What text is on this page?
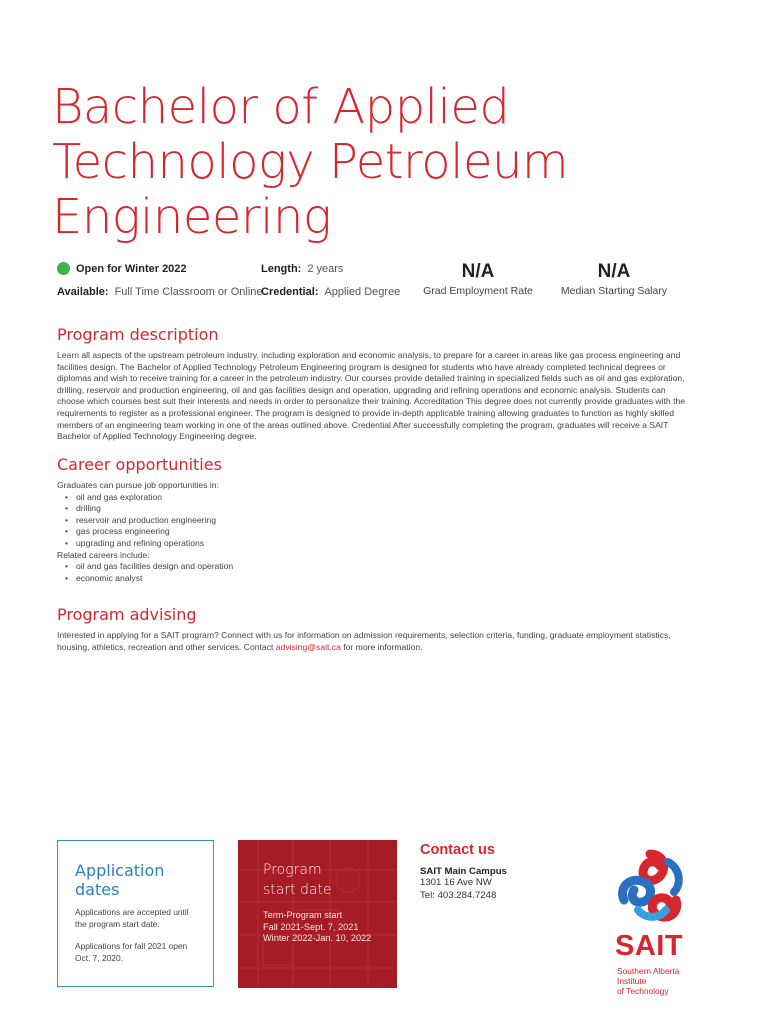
Bachelor of Applied
Technology Petroleum
Engineering
Open for Winter 2022
Available: Full Time Classroom or Online
Length: 2 years
Credential: Applied Degree
N/A
Grad Employment Rate
N/A
Median Starting Salary
Program description
Learn all aspects of the upstream petroleum industry, including exploration and economic analysis, to prepare for a career in areas like gas process engineering and facilities design. The Bachelor of Applied Technology Petroleum Engineering program is designed for students who have already completed technical degrees or diplomas and wish to receive training for a career in the petroleum industry. Our courses provide detailed training in specialized fields such as oil and gas exploration, drilling, reservoir and production engineering, oil and gas facilities design and operation, upgrading and refining operations and economic analysis. Students can choose which courses best suit their interests and needs in order to personalize their training. Accreditation This degree does not currently provide graduates with the requirements to register as a professional engineer. The program is designed to provide in-depth applicable training allowing graduates to function as highly skilled members of an engineering team working in one of the areas outlined above. Credential After successfully completing the program, graduates will receive a SAIT Bachelor of Applied Technology Engineering degree.
Career opportunities
Graduates can pursue job opportunities in:
• oil and gas exploration
• drilling
• reservoir and production engineering
• gas process engineering
• upgrading and refining operations
Related careers include:
• oil and gas facilities design and operation
• economic analyst
Program advising
Interested in applying for a SAIT program? Connect with us for information on admission requirements, selection criteria, funding, graduate employment statistics, housing, athletics, recreation and other services. Contact advising@sait.ca for more information.
Application dates

Applications are accepted until the program start date.

Applications for fall 2021 open Oct. 7, 2020.

Program
start date
Term-Program start
Fall 2021-Sept. 7, 2021
Winter 2022-Jan. 10, 2022
Contact us
SAIT Main Campus
1301 16 Ave NW
Tel: 403.284.7248
SAIT
Southern Alberta
Institute
of Technology
